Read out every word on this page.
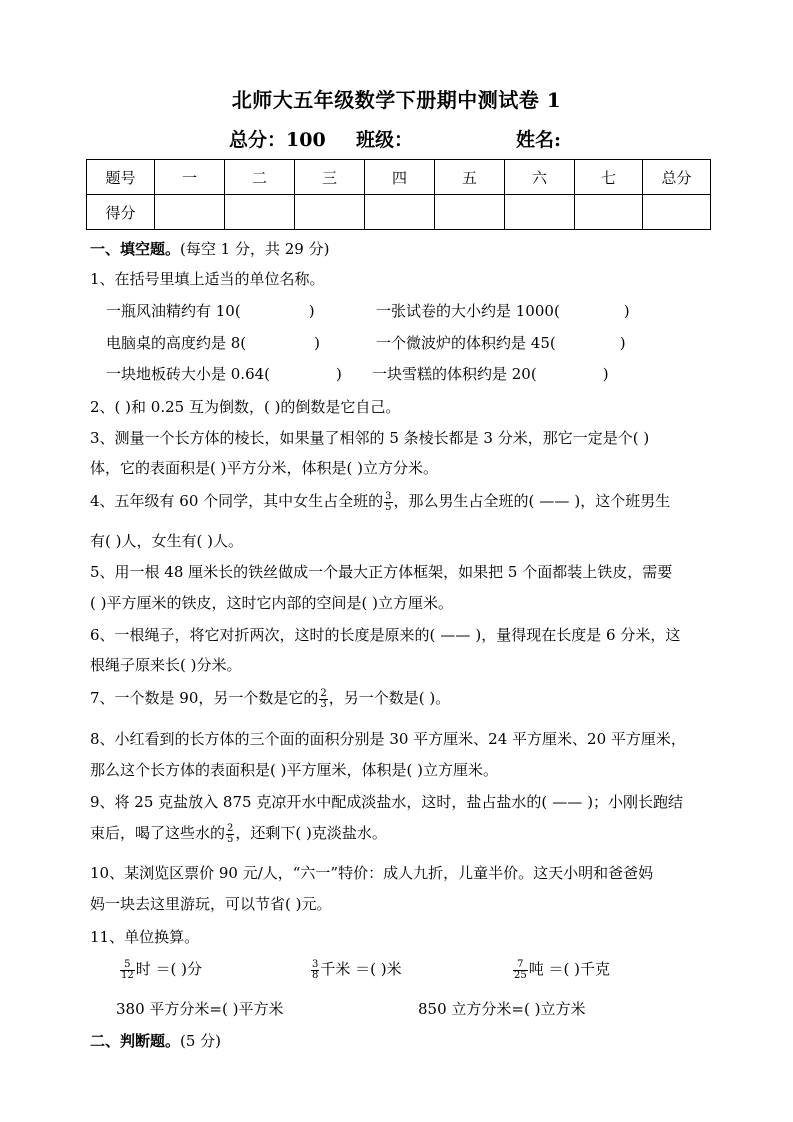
北师大五年级数学下册期中测试卷 1
总分：100 班级：	姓名:
题号	一	二	三	四	五	六	七	总分
得分								
一、填空题。(每空 1 分，共 29 分)
1、在括号里填上适当的单位名称。
一瓶风油精约有 10(	)	一张试卷的大小约是 1000(	)
电脑桌的高度约是 8(	)	一个微波炉的体积约是 45(	)
一块地板砖大小是 0.64(	) 一块雪糕的体积约是 20(	)
2、( )和 0.25 互为倒数，( )的倒数是它自己。
3、测量一个长方体的棱长，如果量了相邻的 5 条棱长都是 3 分米，那它一定是个( )
体，它的表面积是( )平方分米，体积是( )立方分米。
4、五年级有 60 个同学，其中女生占全班的 $\frac{3}{5}$ ，那么男生占全班的( —— )，这个班男生
有( )人，女生有( )人。
5、用一根 48 厘米长的铁丝做成一个最大正方体框架，如果把 5 个面都装上铁皮，需要
( )平方厘米的铁皮，这时它内部的空间是( )立方厘米。
6、一根绳子，将它对折两次，这时的长度是原来的( —— )，量得现在长度是 6 分米，这
根绳子原来长( )分米。
7、一个数是 90，另一个数是它的 $\frac{2}{3}$ ，另一个数是( )。
8、小红看到的长方体的三个面的面积分别是 30 平方厘米、24 平方厘米、20 平方厘米，
那么这个长方体的表面积是( )平方厘米，体积是( )立方厘米。
9、将 25 克盐放入 875 克凉开水中配成淡盐水，这时，盐占盐水的( —— )；小刚长跑结
束后，喝了这些水的 $\frac{2}{5}$ ，还剩下( )克淡盐水。
10、某浏览区票价 90 元/人，“六一”特价：成人九折，儿童半价。这天小明和爸爸妈
妈一块去这里游玩，可以节省( )元。
11、单位换算。
$\frac{5}{12}$ 时 ＝( )分	$\frac{3}{8}$ 千米 ＝( )米	$\frac{7}{25}$ 吨 ＝( )千克
380 平方分米=( )平方米	850 立方分米=( )立方米
二、判断题。(5 分)
